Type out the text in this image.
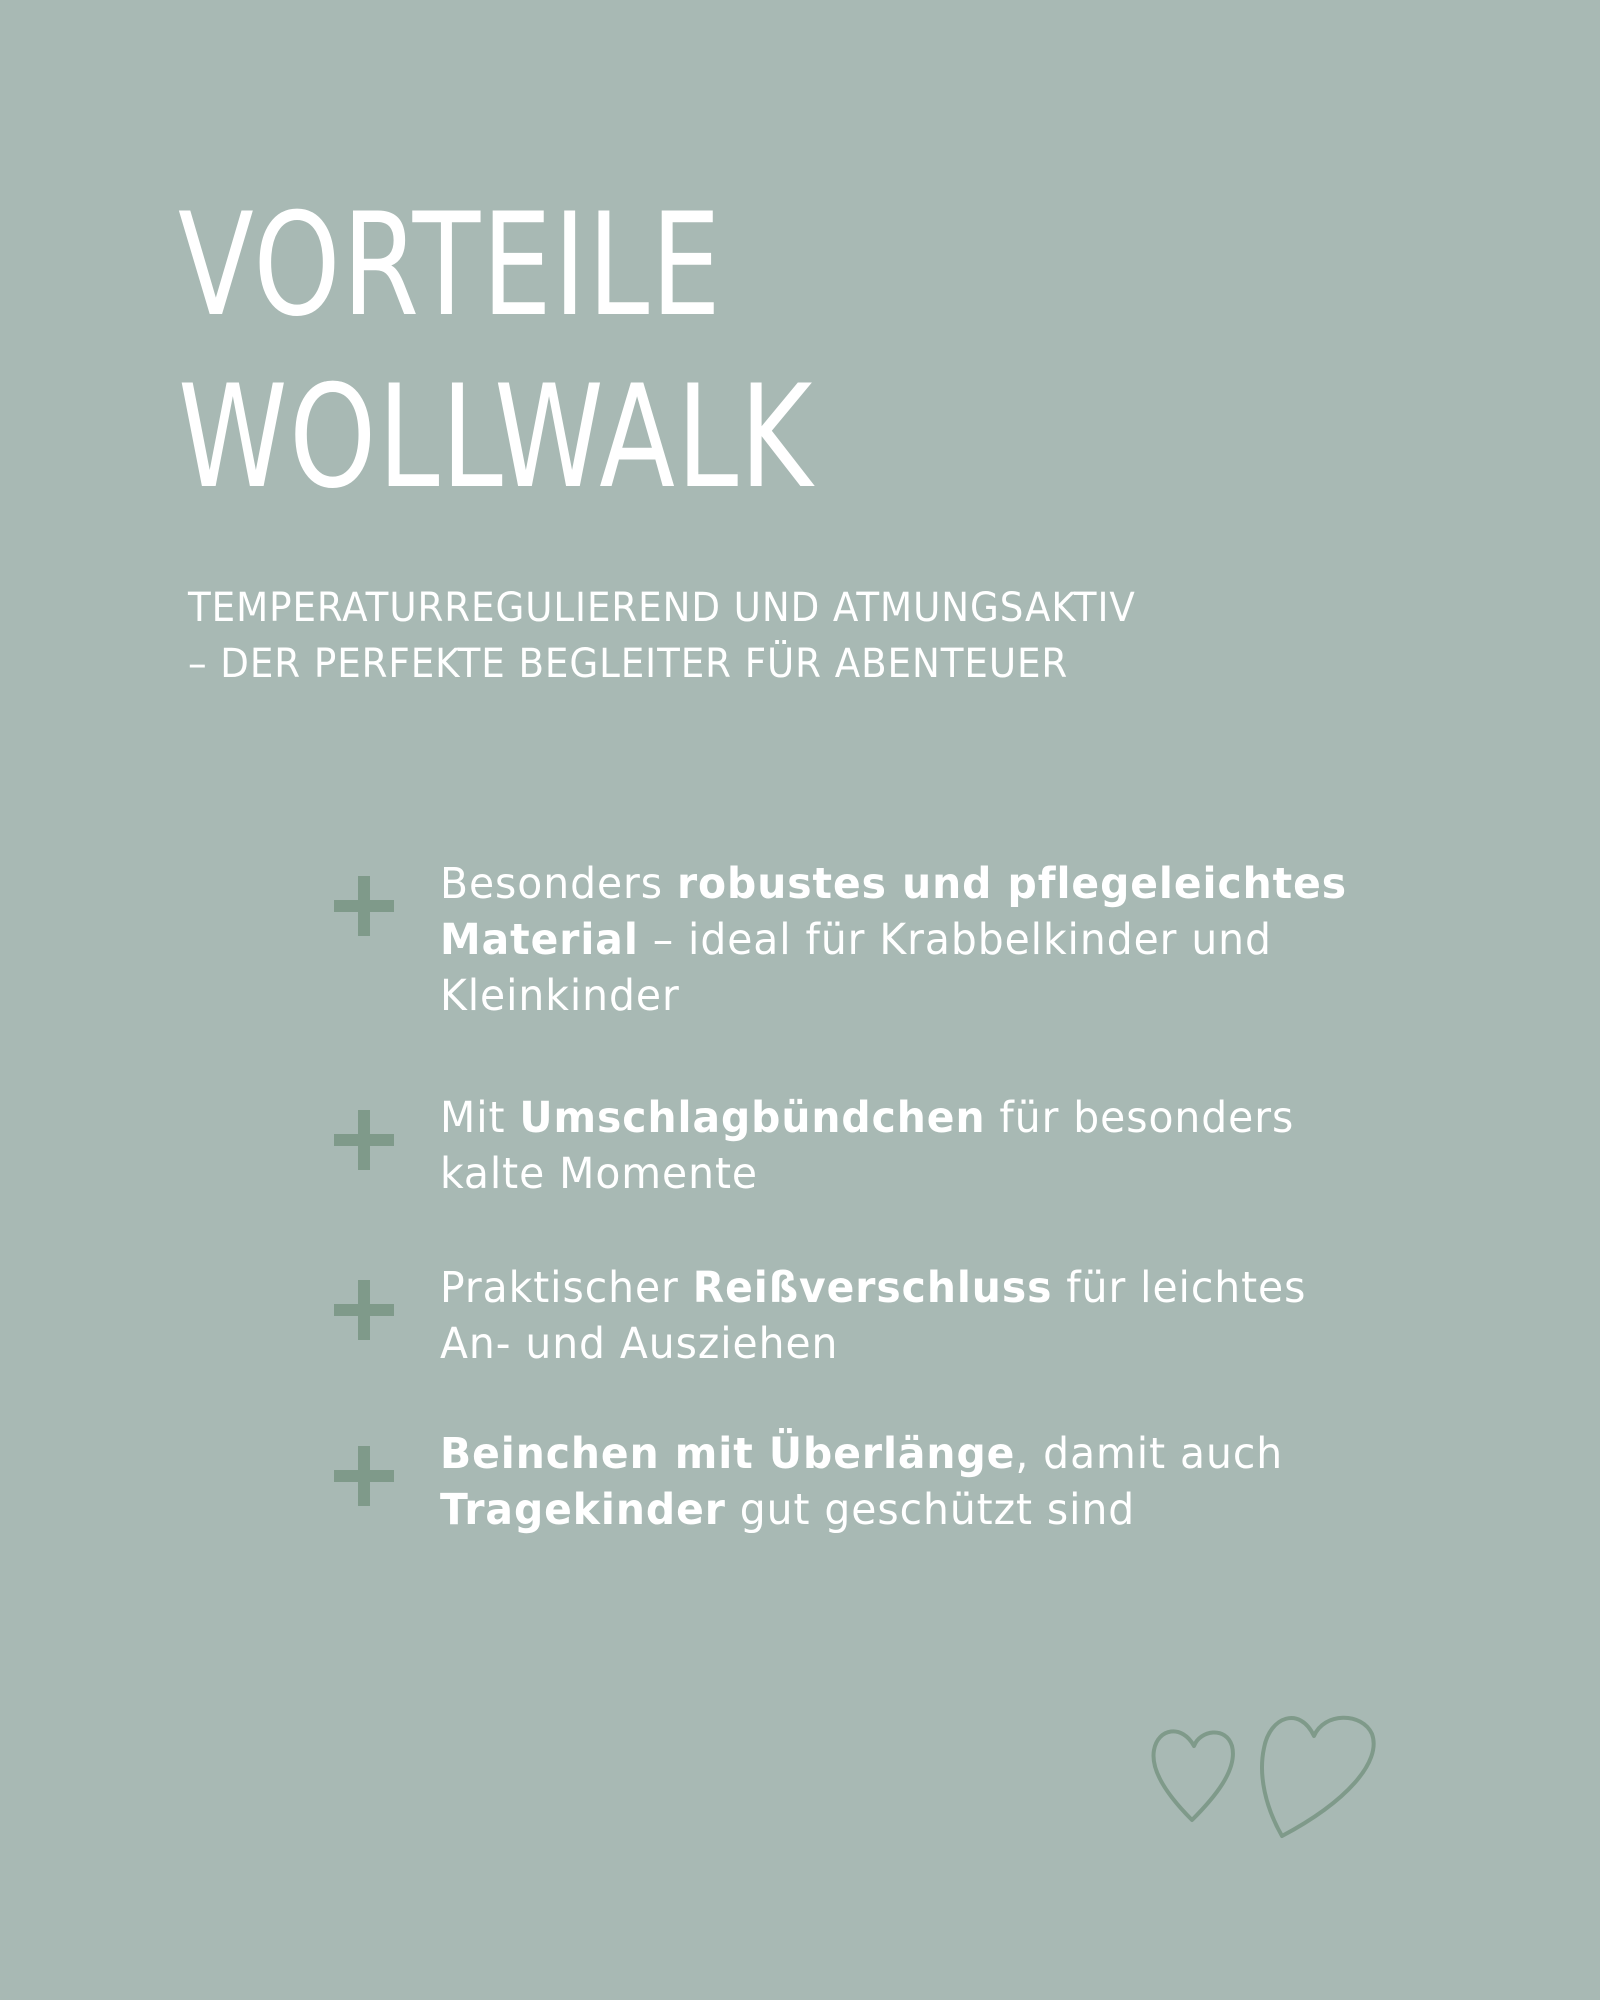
VORTEILE
WOLLWALK

TEMPERATURREGULIEREND UND ATMUNGSAKTIV
– DER PERFEKTE BEGLEITER FÜR ABENTEUER

Besonders robustes und pflegeleichtes
Material – ideal für Krabbelkinder und
Kleinkinder

Mit Umschlagbündchen für besonders
kalte Momente

Praktischer Reißverschluss für leichtes
An- und Ausziehen

Beinchen mit Überlänge, damit auch
Tragekinder gut geschützt sind
